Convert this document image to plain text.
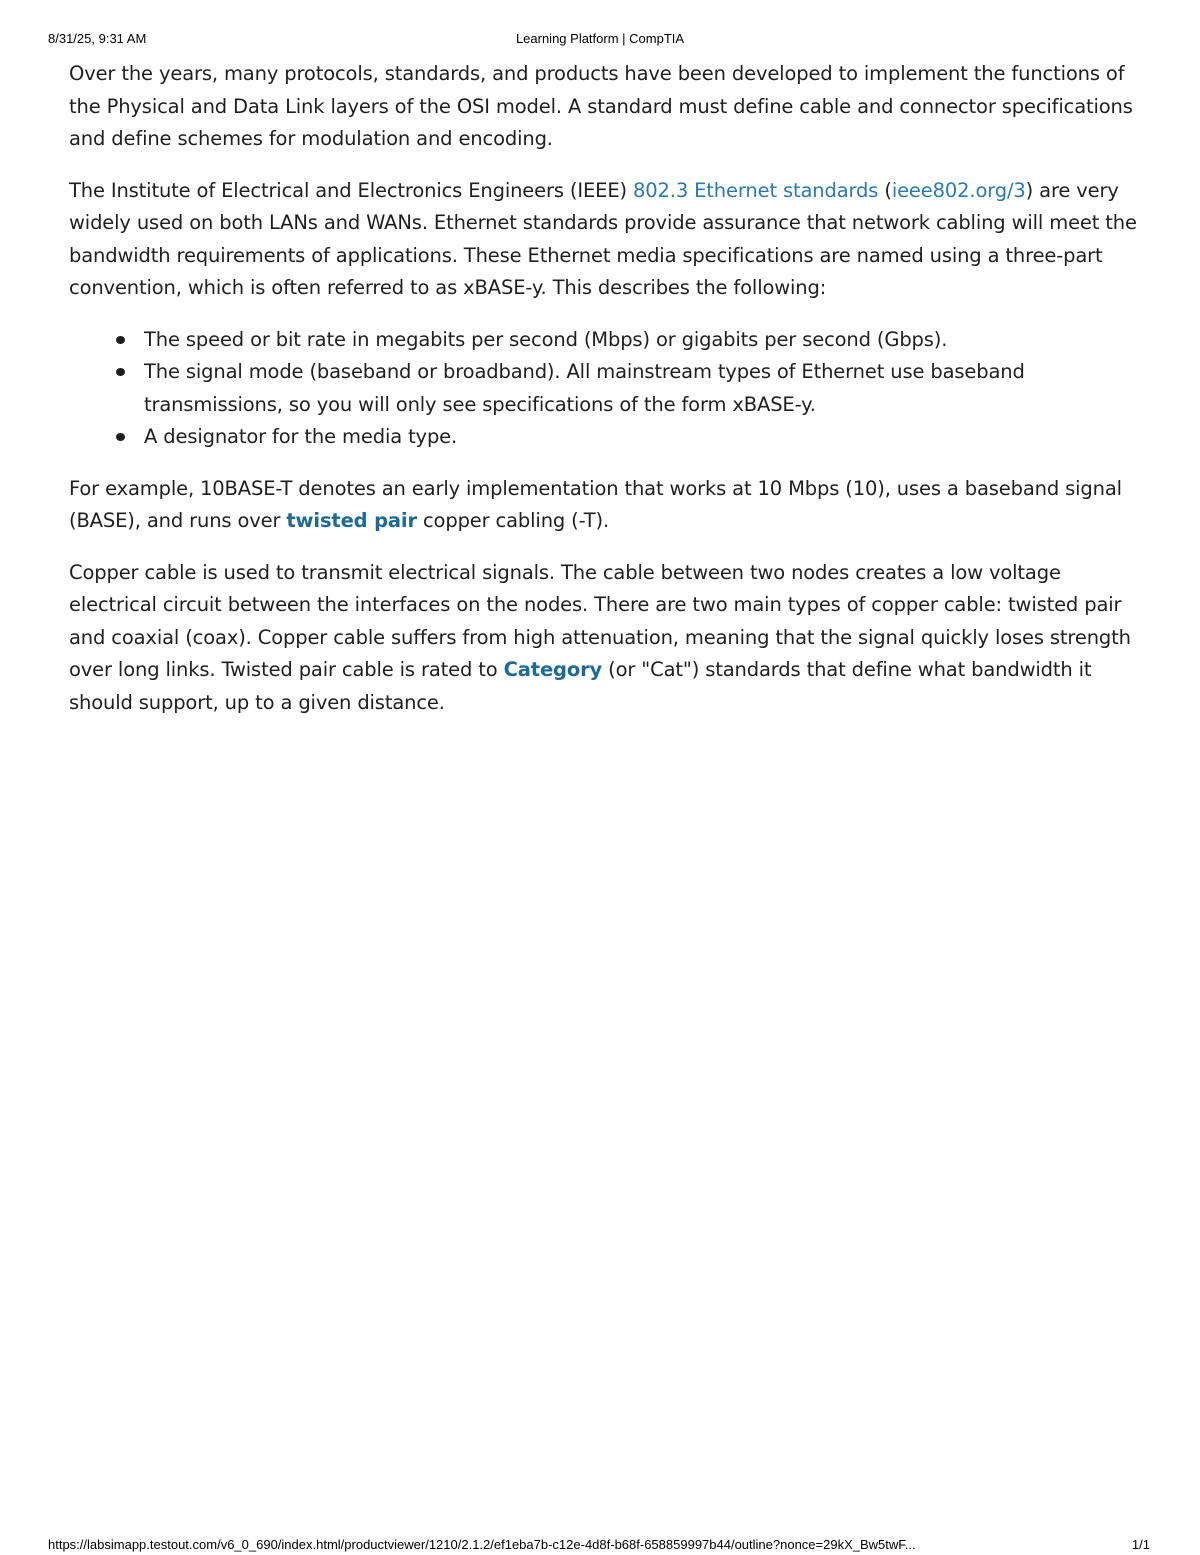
8/31/25, 9:31 AM	Learning Platform | CompTIA

Over the years, many protocols, standards, and products have been developed to implement the functions of the Physical and Data Link layers of the OSI model. A standard must define cable and connector specifications and define schemes for modulation and encoding.

The Institute of Electrical and Electronics Engineers (IEEE) 802.3 Ethernet standards (ieee802.org/3) are very widely used on both LANs and WANs. Ethernet standards provide assurance that network cabling will meet the bandwidth requirements of applications. These Ethernet media specifications are named using a three-part convention, which is often referred to as xBASE-y. This describes the following:

The speed or bit rate in megabits per second (Mbps) or gigabits per second (Gbps).
The signal mode (baseband or broadband). All mainstream types of Ethernet use baseband transmissions, so you will only see specifications of the form xBASE-y.
A designator for the media type.

For example, 10BASE-T denotes an early implementation that works at 10 Mbps (10), uses a baseband signal (BASE), and runs over twisted pair copper cabling (-T).

Copper cable is used to transmit electrical signals. The cable between two nodes creates a low voltage electrical circuit between the interfaces on the nodes. There are two main types of copper cable: twisted pair and coaxial (coax). Copper cable suffers from high attenuation, meaning that the signal quickly loses strength over long links. Twisted pair cable is rated to Category (or "Cat") standards that define what bandwidth it should support, up to a given distance.

https://labsimapp.testout.com/v6_0_690/index.html/productviewer/1210/2.1.2/ef1eba7b-c12e-4d8f-b68f-658859997b44/outline?nonce=29kX_Bw5twF...	1/1
